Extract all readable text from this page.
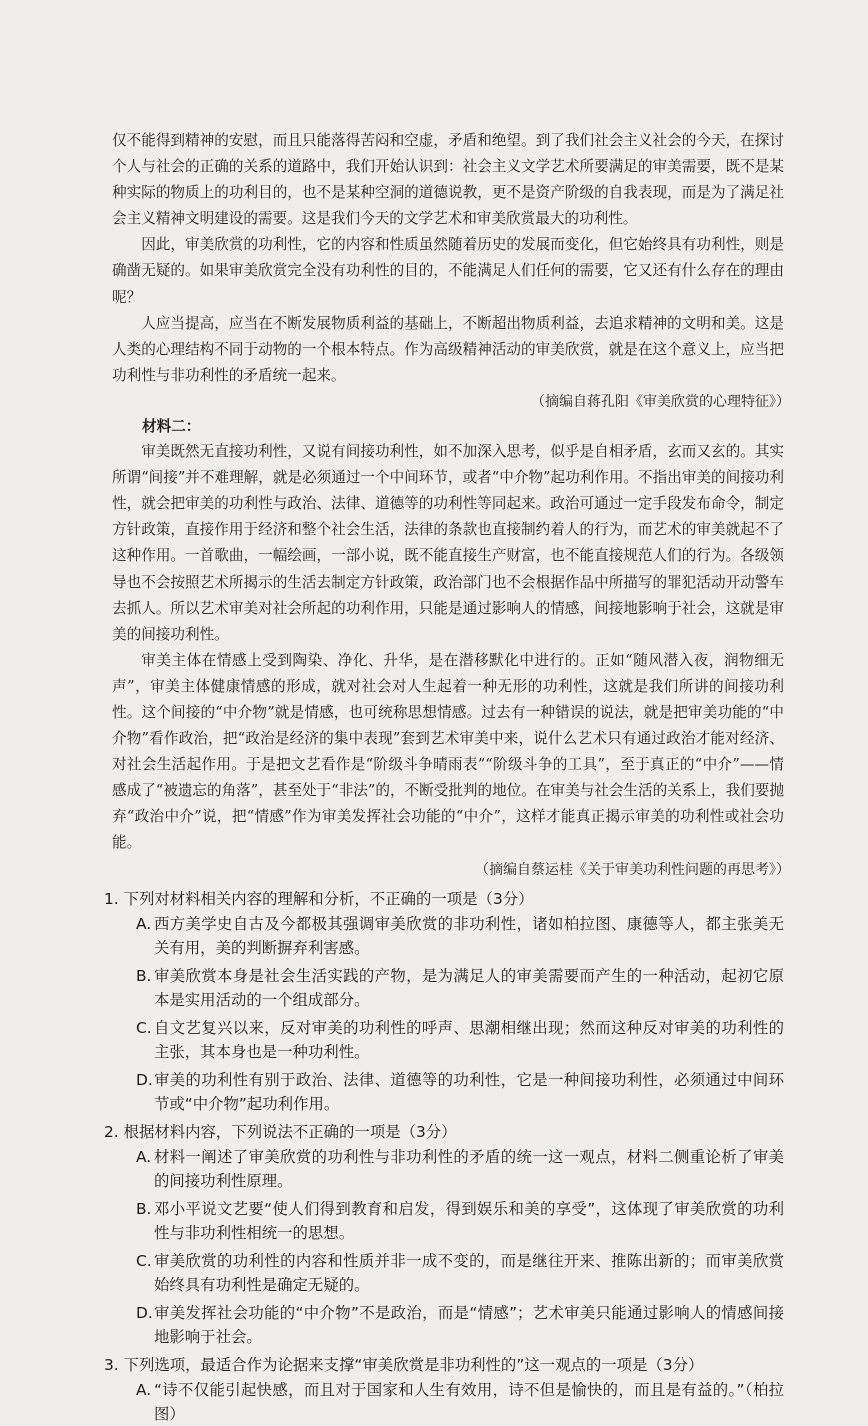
仅不能得到精神的安慰，而且只能落得苦闷和空虚，矛盾和绝望。到了我们社会主义社会的今天，在探讨个人与社会的正确的关系的道路中，我们开始认识到：社会主义文学艺术所要满足的审美需要，既不是某种实际的物质上的功利目的，也不是某种空洞的道德说教，更不是资产阶级的自我表现，而是为了满足社会主义精神文明建设的需要。这是我们今天的文学艺术和审美欣赏最大的功利性。

因此，审美欣赏的功利性，它的内容和性质虽然随着历史的发展而变化，但它始终具有功利性，则是确凿无疑的。如果审美欣赏完全没有功利性的目的，不能满足人们任何的需要，它又还有什么存在的理由呢？

人应当提高，应当在不断发展物质利益的基础上，不断超出物质利益，去追求精神的文明和美。这是人类的心理结构不同于动物的一个根本特点。作为高级精神活动的审美欣赏，就是在这个意义上，应当把功利性与非功利性的矛盾统一起来。

（摘编自蒋孔阳《审美欣赏的心理特征》）

材料二：

审美既然无直接功利性，又说有间接功利性，如不加深入思考，似乎是自相矛盾，玄而又玄的。其实所谓“间接”并不难理解，就是必须通过一个中间环节，或者“中介物”起功利作用。不指出审美的间接功利性，就会把审美的功利性与政治、法律、道德等的功利性等同起来。政治可通过一定手段发布命令，制定方针政策，直接作用于经济和整个社会生活，法律的条款也直接制约着人的行为，而艺术的审美就起不了这种作用。一首歌曲，一幅绘画，一部小说，既不能直接生产财富，也不能直接规范人们的行为。各级领导也不会按照艺术所揭示的生活去制定方针政策，政治部门也不会根据作品中所描写的罪犯活动开动警车去抓人。所以艺术审美对社会所起的功利作用，只能是通过影响人的情感，间接地影响于社会，这就是审美的间接功利性。

审美主体在情感上受到陶染、净化、升华，是在潜移默化中进行的。正如“随风潜入夜，润物细无声”，审美主体健康情感的形成，就对社会对人生起着一种无形的功利性，这就是我们所讲的间接功利性。这个间接的“中介物”就是情感，也可统称思想情感。过去有一种错误的说法，就是把审美功能的“中介物”看作政治，把“政治是经济的集中表现”套到艺术审美中来，说什么艺术只有通过政治才能对经济、对社会生活起作用。于是把文艺看作是“阶级斗争晴雨表”“阶级斗争的工具”，至于真正的“中介”——情感成了“被遗忘的角落”，甚至处于“非法”的，不断受批判的地位。在审美与社会生活的关系上，我们要抛弃“政治中介”说，把“情感”作为审美发挥社会功能的“中介”，这样才能真正揭示审美的功利性或社会功能。

（摘编自蔡运桂《关于审美功利性问题的再思考》）

1. 下列对材料相关内容的理解和分析，不正确的一项是（3分）

A. 西方美学史自古及今都极其强调审美欣赏的非功利性，诸如柏拉图、康德等人，都主张美无关有用，美的判断摒弃利害感。
B. 审美欣赏本身是社会生活实践的产物，是为满足人的审美需要而产生的一种活动，起初它原本是实用活动的一个组成部分。
C. 自文艺复兴以来，反对审美的功利性的呼声、思潮相继出现；然而这种反对审美的功利性的主张，其本身也是一种功利性。
D. 审美的功利性有别于政治、法律、道德等的功利性，它是一种间接功利性，必须通过中间环节或“中介物”起功利作用。

2. 根据材料内容，下列说法不正确的一项是（3分）

A. 材料一阐述了审美欣赏的功利性与非功利性的矛盾的统一这一观点，材料二侧重论析了审美的间接功利性原理。
B. 邓小平说文艺要“使人们得到教育和启发，得到娱乐和美的享受”，这体现了审美欣赏的功利性与非功利性相统一的思想。
C. 审美欣赏的功利性的内容和性质并非一成不变的，而是继往开来、推陈出新的；而审美欣赏始终具有功利性是确定无疑的。
D. 审美发挥社会功能的“中介物”不是政治，而是“情感”；艺术审美只能通过影响人的情感间接地影响于社会。

3. 下列选项，最适合作为论据来支撑“审美欣赏是非功利性的”这一观点的一项是（3分）

A. “诗不仅能引起快感，而且对于国家和人生有效用，诗不但是愉快的，而且是有益的。”（柏拉图）
